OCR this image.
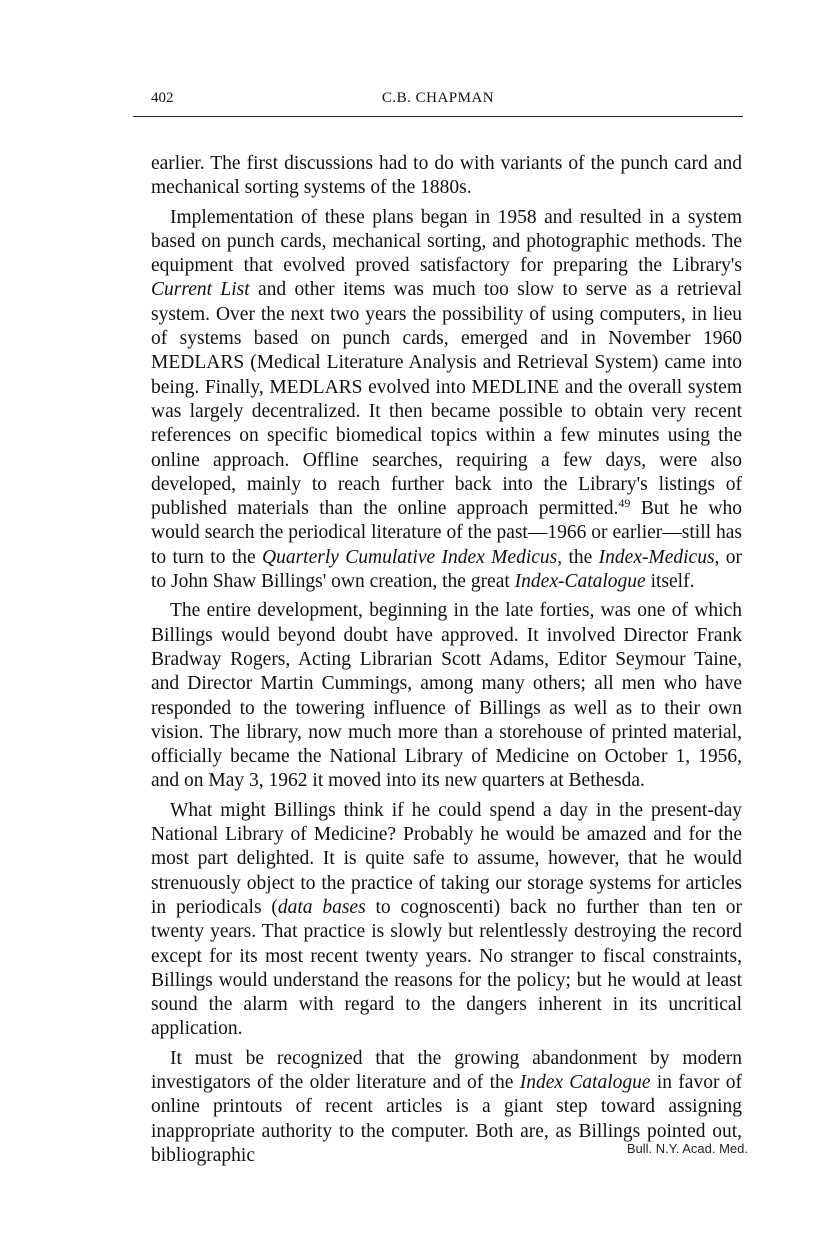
402	C.B. CHAPMAN

earlier. The first discussions had to do with variants of the punch card and mechanical sorting systems of the 1880s.

Implementation of these plans began in 1958 and resulted in a system based on punch cards, mechanical sorting, and photographic methods. The equipment that evolved proved satisfactory for preparing the Library's Current List and other items was much too slow to serve as a retrieval system. Over the next two years the possibility of using computers, in lieu of systems based on punch cards, emerged and in November 1960 MEDLARS (Medical Literature Analysis and Retrieval System) came into being. Finally, MEDLARS evolved into MEDLINE and the overall system was largely decentralized. It then became possible to obtain very recent references on specific biomedical topics within a few minutes using the online approach. Offline searches, requiring a few days, were also developed, mainly to reach further back into the Library's listings of published materials than the online approach permitted.$^{49}$ But he who would search the periodical literature of the past—1966 or earlier—still has to turn to the Quarterly Cumulative Index Medicus, the Index-Medicus, or to John Shaw Billings' own creation, the great Index-Catalogue itself.

The entire development, beginning in the late forties, was one of which Billings would beyond doubt have approved. It involved Director Frank Bradway Rogers, Acting Librarian Scott Adams, Editor Seymour Taine, and Director Martin Cummings, among many others; all men who have responded to the towering influence of Billings as well as to their own vision. The library, now much more than a storehouse of printed material, officially became the National Library of Medicine on October 1, 1956, and on May 3, 1962 it moved into its new quarters at Bethesda.

What might Billings think if he could spend a day in the present-day National Library of Medicine? Probably he would be amazed and for the most part delighted. It is quite safe to assume, however, that he would strenuously object to the practice of taking our storage systems for articles in periodicals (data bases to cognoscenti) back no further than ten or twenty years. That practice is slowly but relentlessly destroying the record except for its most recent twenty years. No stranger to fiscal constraints, Billings would understand the reasons for the policy; but he would at least sound the alarm with regard to the dangers inherent in its uncritical application.

It must be recognized that the growing abandonment by modern investigators of the older literature and of the Index Catalogue in favor of online printouts of recent articles is a giant step toward assigning inappropriate authority to the computer. Both are, as Billings pointed out, bibliographic	Bull. N.Y. Acad. Med.
